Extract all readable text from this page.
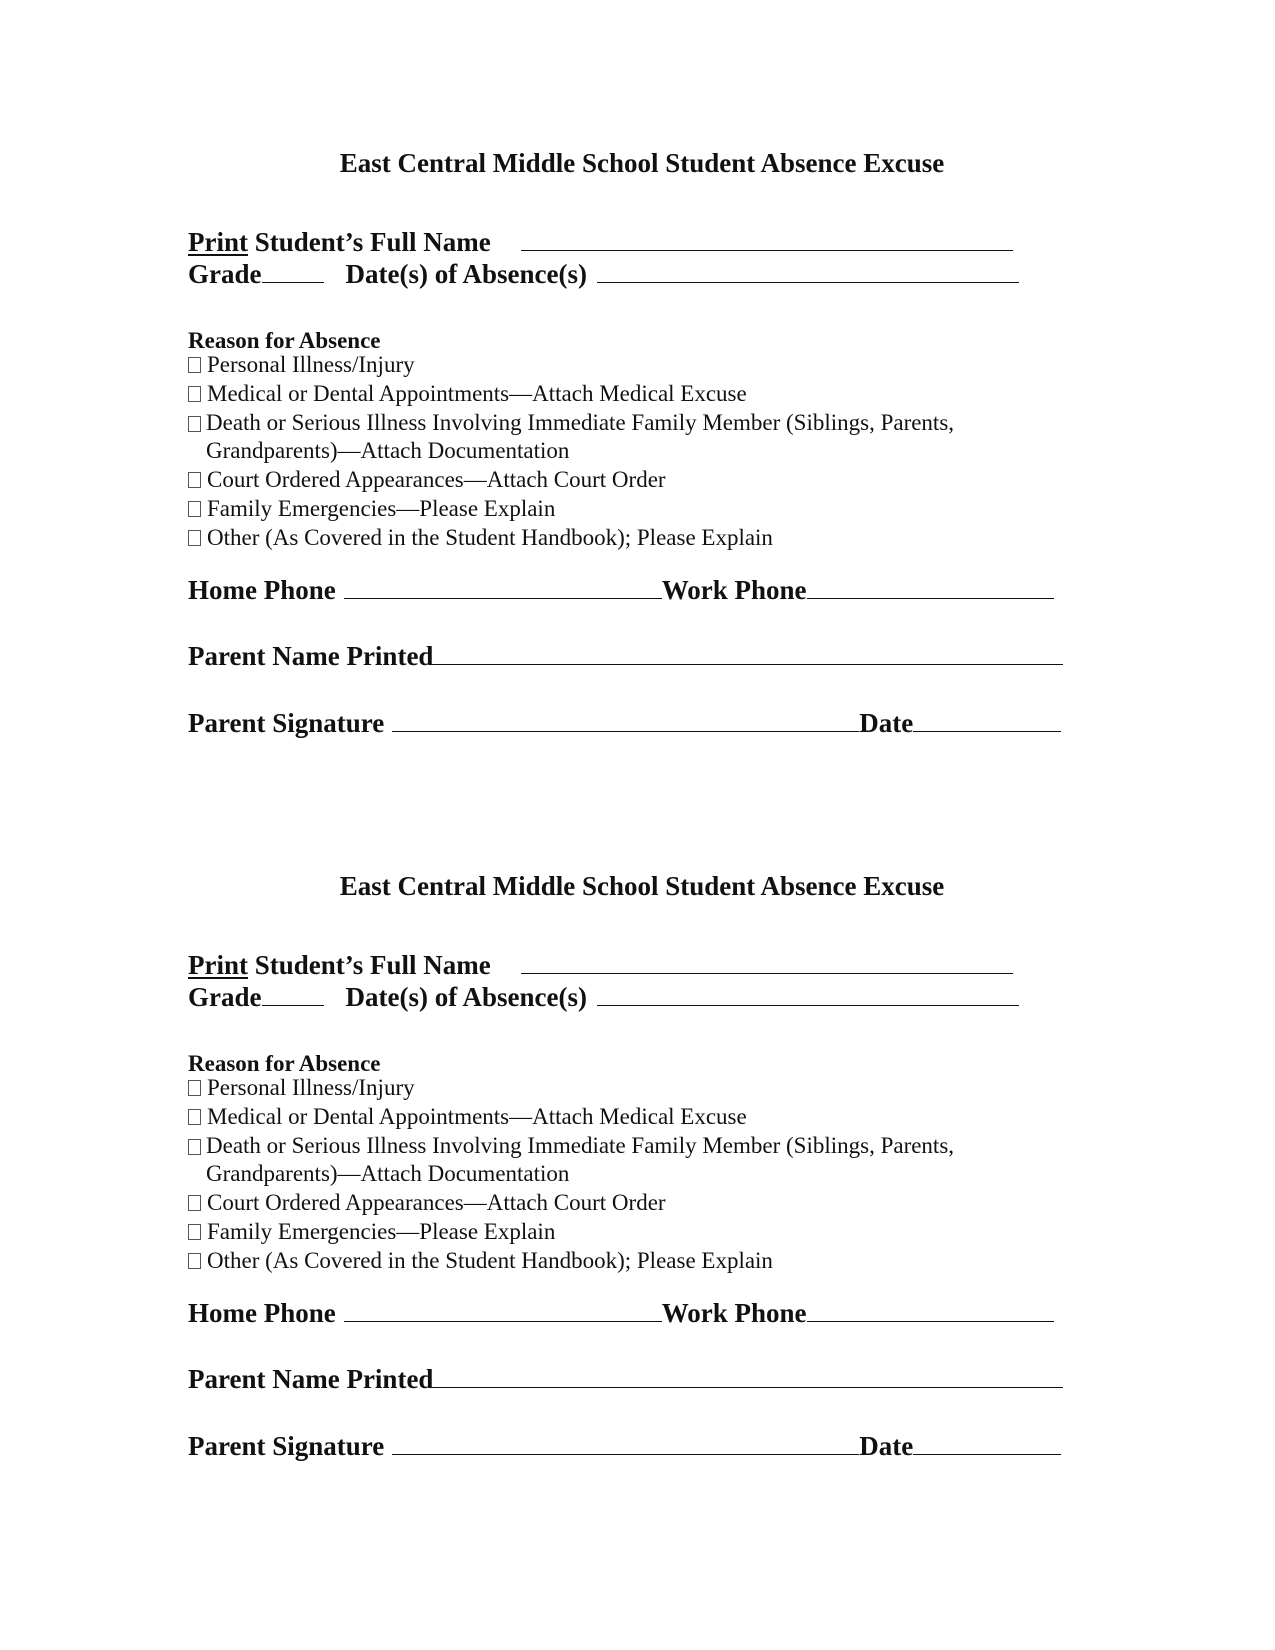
East Central Middle School Student Absence Excuse
Print Student’s Full Name
Grade	Date(s) of Absence(s)
Reason for Absence
Personal Illness/Injury
Medical or Dental Appointments—Attach Medical Excuse
Death or Serious Illness Involving Immediate Family Member (Siblings, Parents, Grandparents)—Attach Documentation
Court Ordered Appearances—Attach Court Order
Family Emergencies—Please Explain
Other (As Covered in the Student Handbook); Please Explain
Home Phone	Work Phone
Parent Name Printed
Parent Signature	Date
East Central Middle School Student Absence Excuse
Print Student’s Full Name
Grade	Date(s) of Absence(s)
Reason for Absence
Personal Illness/Injury
Medical or Dental Appointments—Attach Medical Excuse
Death or Serious Illness Involving Immediate Family Member (Siblings, Parents, Grandparents)—Attach Documentation
Court Ordered Appearances—Attach Court Order
Family Emergencies—Please Explain
Other (As Covered in the Student Handbook); Please Explain
Home Phone	Work Phone
Parent Name Printed
Parent Signature	Date
